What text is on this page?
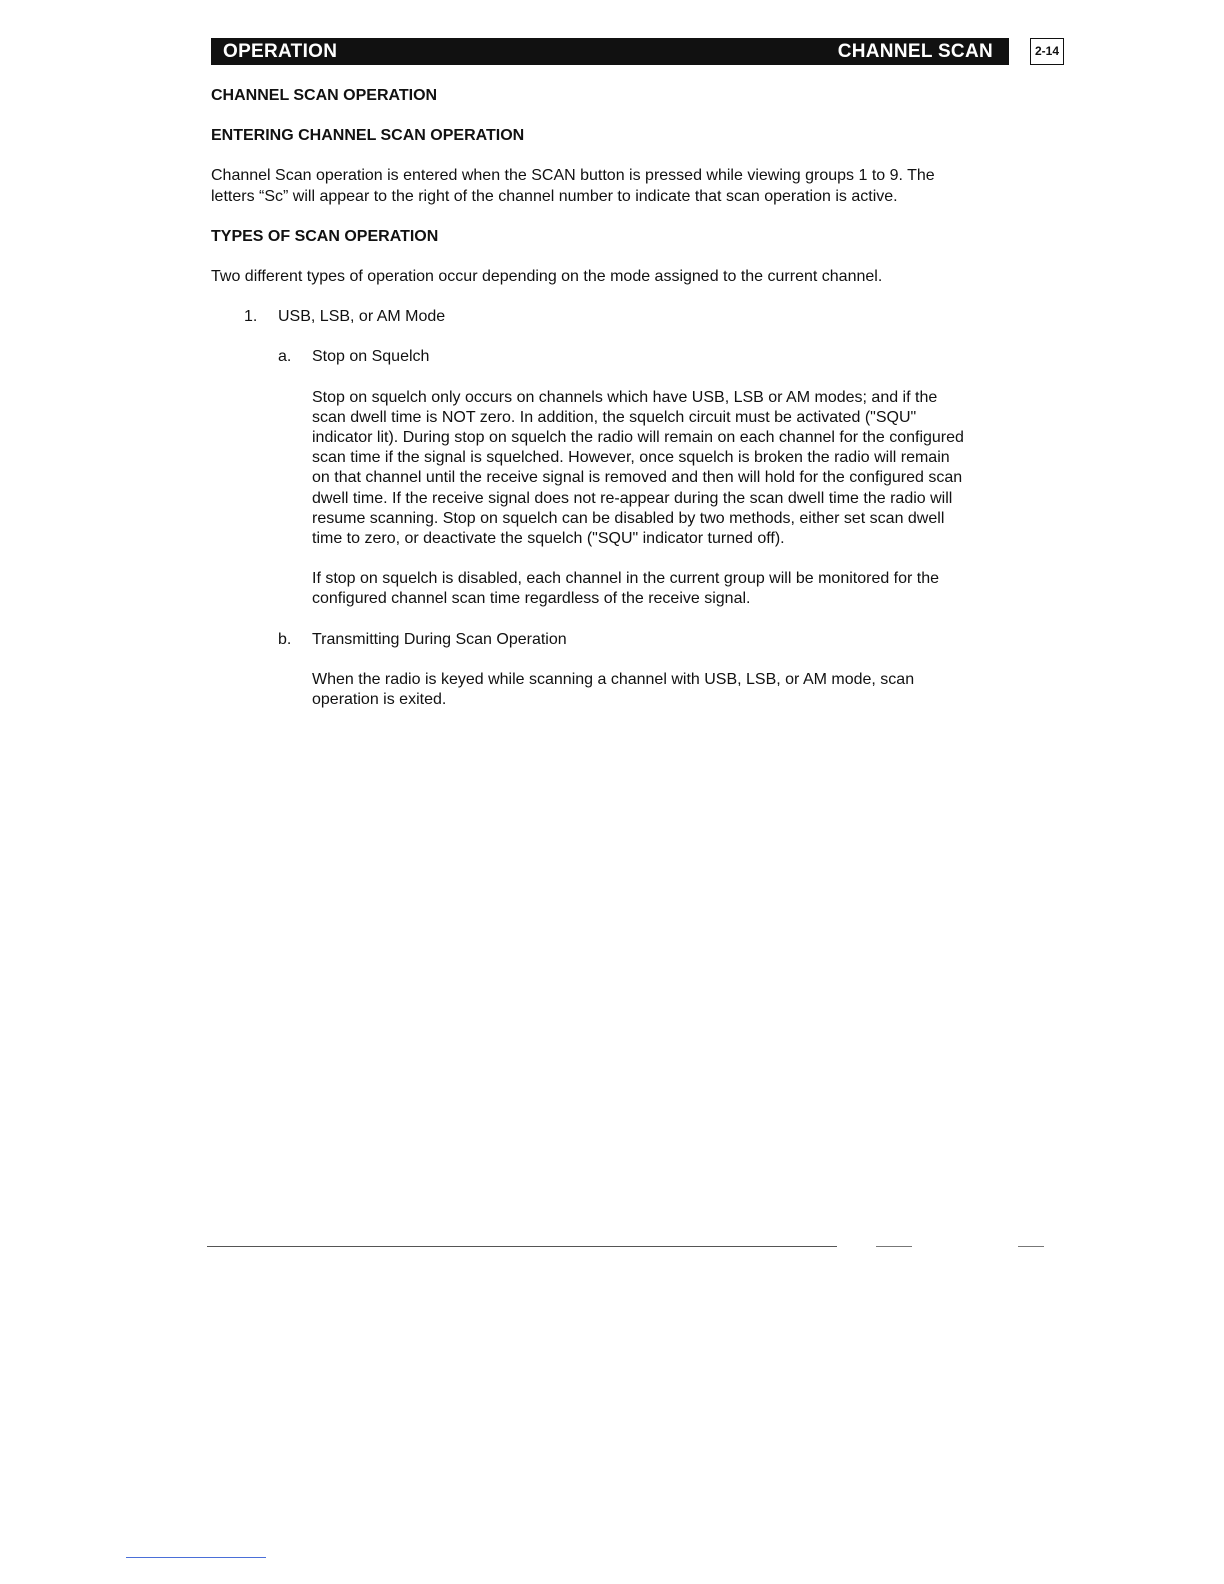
OPERATION	CHANNEL SCAN	2-14

CHANNEL SCAN OPERATION

ENTERING CHANNEL SCAN OPERATION

Channel Scan operation is entered when the SCAN button is pressed while viewing groups 1 to 9. The letters “Sc” will appear to the right of the channel number to indicate that scan operation is active.

TYPES OF SCAN OPERATION

Two different types of operation occur depending on the mode assigned to the current channel.

1. USB, LSB, or AM Mode

a. Stop on Squelch

Stop on squelch only occurs on channels which have USB, LSB or AM modes; and if the scan dwell time is NOT zero. In addition, the squelch circuit must be activated ("SQU" indicator lit). During stop on squelch the radio will remain on each channel for the configured scan time if the signal is squelched. However, once squelch is broken the radio will remain on that channel until the receive signal is removed and then will hold for the configured scan dwell time. If the receive signal does not re-appear during the scan dwell time the radio will resume scanning. Stop on squelch can be disabled by two methods, either set scan dwell time to zero, or deactivate the squelch ("SQU" indicator turned off).

If stop on squelch is disabled, each channel in the current group will be monitored for the configured channel scan time regardless of the receive signal.

b. Transmitting During Scan Operation

When the radio is keyed while scanning a channel with USB, LSB, or AM mode, scan operation is exited.
